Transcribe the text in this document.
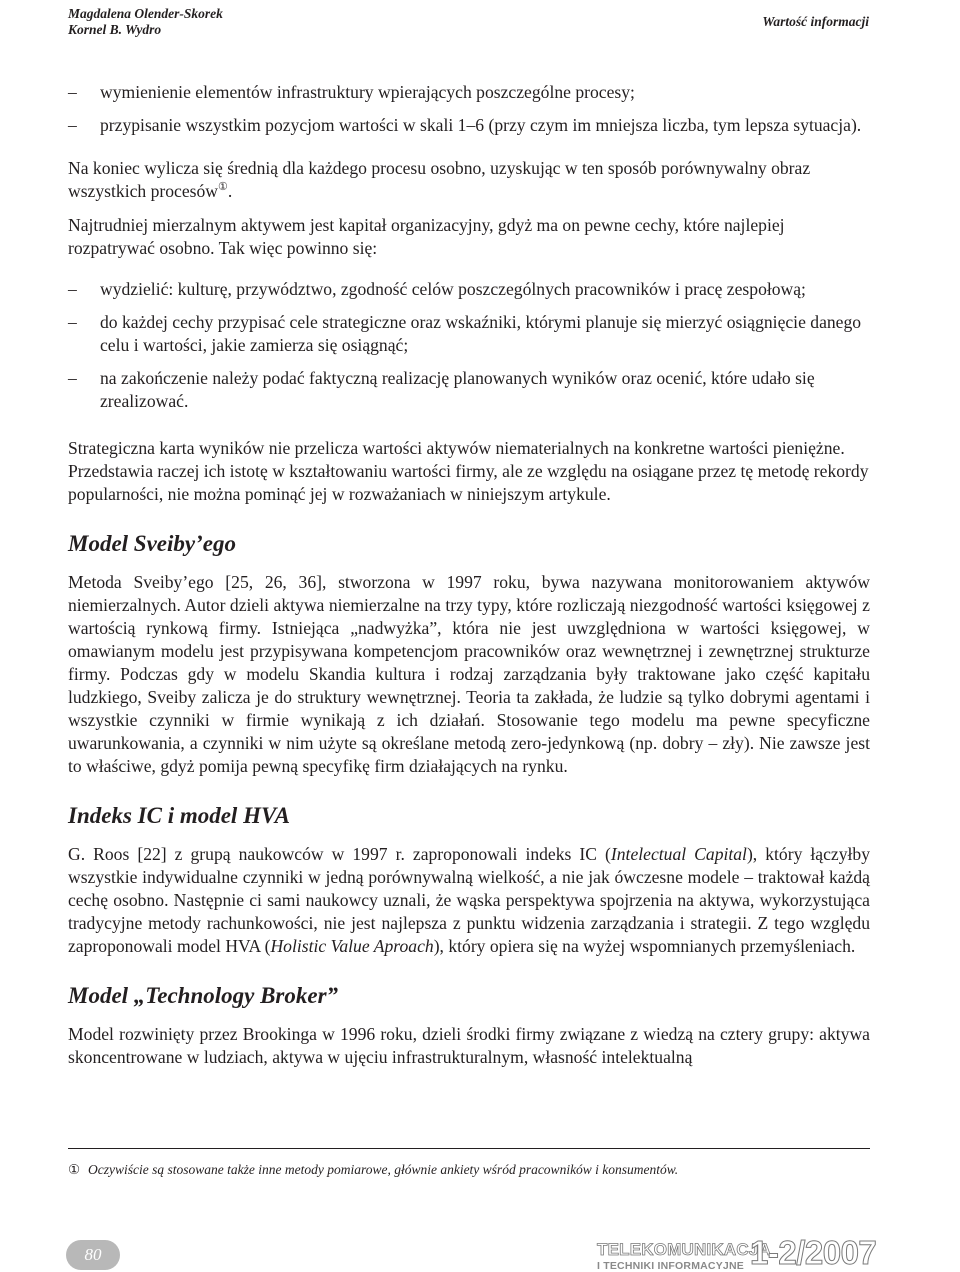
Magdalena Olender-Skorek
Kornel B. Wydro
Wartość informacji
– wymienienie elementów infrastruktury wpierających poszczególne procesy;
– przypisanie wszystkim pozycjom wartości w skali 1–6 (przy czym im mniejsza liczba, tym lepsza sytuacja).

Na koniec wylicza się średnią dla każdego procesu osobno, uzyskując w ten sposób porównywalny obraz wszystkich procesów①.

Najtrudniej mierzalnym aktywem jest kapitał organizacyjny, gdyż ma on pewne cechy, które najlepiej rozpatrywać osobno. Tak więc powinno się:

– wydzielić: kulturę, przywództwo, zgodność celów poszczególnych pracowników i pracę zespołową;
– do każdej cechy przypisać cele strategiczne oraz wskaźniki, którymi planuje się mierzyć osiągnięcie danego celu i wartości, jakie zamierza się osiągnąć;
– na zakończenie należy podać faktyczną realizację planowanych wyników oraz ocenić, które udało się zrealizować.

Strategiczna karta wyników nie przelicza wartości aktywów niematerialnych na konkretne wartości pieniężne. Przedstawia raczej ich istotę w kształtowaniu wartości firmy, ale ze względu na osiągane przez tę metodę rekordy popularności, nie można pominąć jej w rozważaniach w niniejszym artykule.

Model Sveiby’ego

Metoda Sveiby’ego [25, 26, 36], stworzona w 1997 roku, bywa nazywana monitorowaniem aktywów niemierzalnych. Autor dzieli aktywa niemierzalne na trzy typy, które rozliczają niezgodność wartości księgowej z wartością rynkową firmy. Istniejąca „nadwyżka”, która nie jest uwzględniona w wartości księgowej, w omawianym modelu jest przypisywana kompetencjom pracowników oraz wewnętrznej i zewnętrznej strukturze firmy. Podczas gdy w modelu Skandia kultura i rodzaj zarządzania były traktowane jako część kapitału ludzkiego, Sveiby zalicza je do struktury wewnętrznej. Teoria ta zakłada, że ludzie są tylko dobrymi agentami i wszystkie czynniki w firmie wynikają z ich działań. Stosowanie tego modelu ma pewne specyficzne uwarunkowania, a czynniki w nim użyte są określane metodą zero-jedynkową (np. dobry – zły). Nie zawsze jest to właściwe, gdyż pomija pewną specyfikę firm działających na rynku.

Indeks IC i model HVA

G. Roos [22] z grupą naukowców w 1997 r. zaproponowali indeks IC (Intelectual Capital), który łączyłby wszystkie indywidualne czynniki w jedną porównywalną wielkość, a nie jak ówczesne modele – traktował każdą cechę osobno. Następnie ci sami naukowcy uznali, że wąska perspektywa spojrzenia na aktywa, wykorzystująca tradycyjne metody rachunkowości, nie jest najlepsza z punktu widzenia zarządzania i strategii. Z tego względu zaproponowali model HVA (Holistic Value Aproach), który opiera się na wyżej wspomnianych przemyśleniach.

Model „Technology Broker”

Model rozwinięty przez Brookinga w 1996 roku, dzieli środki firmy związane z wiedzą na cztery grupy: aktywa skoncentrowane w ludziach, aktywa w ujęciu infrastrukturalnym, własność intelektualną

① Oczywiście są stosowane także inne metody pomiarowe, głównie ankiety wśród pracowników i konsumentów.
80	TELEKOMUNIKACJA
I TECHNIKI INFORMACYJNE 1-2/2007
